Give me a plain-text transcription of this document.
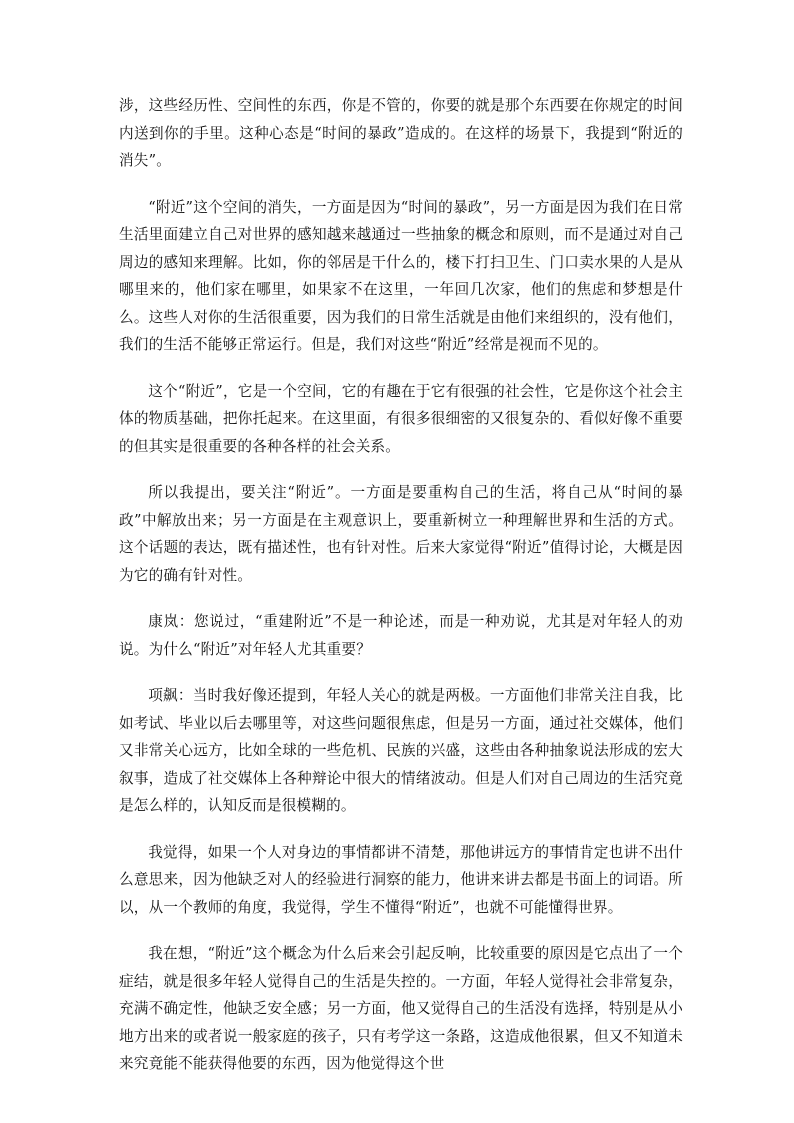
涉，这些经历性、空间性的东西，你是不管的，你要的就是那个东西要在你规定的时间内送到你的手里。这种心态是“时间的暴政”造成的。在这样的场景下，我提到“附近的消失”。

“附近”这个空间的消失，一方面是因为“时间的暴政”，另一方面是因为我们在日常生活里面建立自己对世界的感知越来越通过一些抽象的概念和原则，而不是通过对自己周边的感知来理解。比如，你的邻居是干什么的，楼下打扫卫生、门口卖水果的人是从哪里来的，他们家在哪里，如果家不在这里，一年回几次家，他们的焦虑和梦想是什么。这些人对你的生活很重要，因为我们的日常生活就是由他们来组织的，没有他们，我们的生活不能够正常运行。但是，我们对这些“附近”经常是视而不见的。

这个“附近”，它是一个空间，它的有趣在于它有很强的社会性，它是你这个社会主体的物质基础，把你托起来。在这里面，有很多很细密的又很复杂的、看似好像不重要的但其实是很重要的各种各样的社会关系。

所以我提出，要关注“附近”。一方面是要重构自己的生活，将自己从“时间的暴政”中解放出来；另一方面是在主观意识上，要重新树立一种理解世界和生活的方式。这个话题的表达，既有描述性，也有针对性。后来大家觉得“附近”值得讨论，大概是因为它的确有针对性。

康岚：您说过，“重建附近”不是一种论述，而是一种劝说，尤其是对年轻人的劝说。为什么“附近”对年轻人尤其重要？

项飙：当时我好像还提到，年轻人关心的就是两极。一方面他们非常关注自我，比如考试、毕业以后去哪里等，对这些问题很焦虑，但是另一方面，通过社交媒体，他们又非常关心远方，比如全球的一些危机、民族的兴盛，这些由各种抽象说法形成的宏大叙事，造成了社交媒体上各种辩论中很大的情绪波动。但是人们对自己周边的生活究竟是怎么样的，认知反而是很模糊的。

我觉得，如果一个人对身边的事情都讲不清楚，那他讲远方的事情肯定也讲不出什么意思来，因为他缺乏对人的经验进行洞察的能力，他讲来讲去都是书面上的词语。所以，从一个教师的角度，我觉得，学生不懂得“附近”，也就不可能懂得世界。

我在想，“附近”这个概念为什么后来会引起反响，比较重要的原因是它点出了一个症结，就是很多年轻人觉得自己的生活是失控的。一方面，年轻人觉得社会非常复杂，充满不确定性，他缺乏安全感；另一方面，他又觉得自己的生活没有选择，特别是从小地方出来的或者说一般家庭的孩子，只有考学这一条路，这造成他很累，但又不知道未来究竟能不能获得他要的东西，因为他觉得这个世
